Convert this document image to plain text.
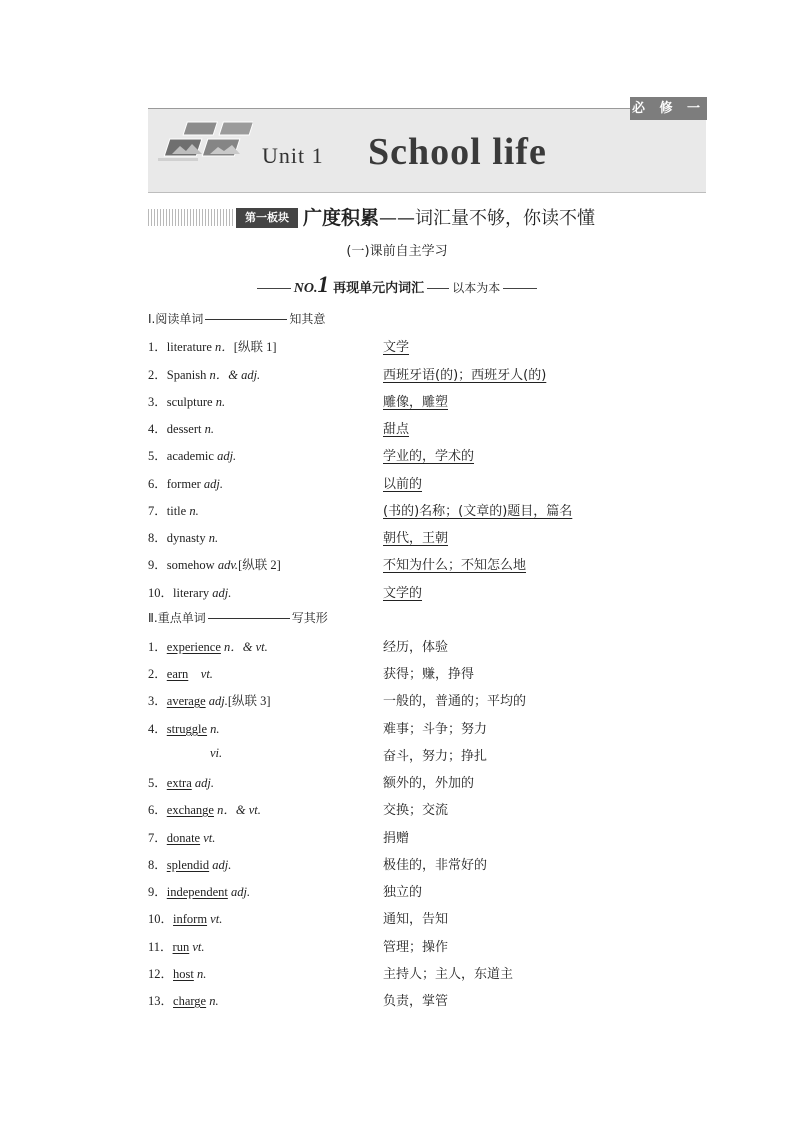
必 修 一
Unit 1 School life
第一板块 广度积累——词汇量不够，你读不懂
(一)课前自主学习
NO.1 再现单元内词汇 以本为本
Ⅰ.阅读单词	知其意
1．literature n．[纵联 1]	文学
2．Spanish n．& adj.	西班牙语(的)；西班牙人(的)
3．sculpture n.	雕像，雕塑
4．dessert n.	甜点
5．academic adj.	学业的，学术的
6．former adj.	以前的
7．title n.	(书的)名称；(文章的)题目，篇名
8．dynasty n.	朝代，王朝
9．somehow adv.[纵联 2]	不知为什么；不知怎么地
10．literary adj.	文学的
Ⅱ.重点单词	写其形
1．experience n．& vt.	经历，体验
2．earn vt.	获得；赚，挣得
3．average adj.[纵联 3]	一般的，普通的；平均的
4．struggle n.	难事；斗争；努力
vi.	奋斗，努力；挣扎
5．extra adj.	额外的，外加的
6．exchange n．& vt.	交换；交流
7．donate vt.	捐赠
8．splendid adj.	极佳的，非常好的
9．independent adj.	独立的
10．inform vt.	通知，告知
11．run vt.	管理；操作
12．host n.	主持人；主人，东道主
13．charge n.	负责，掌管
